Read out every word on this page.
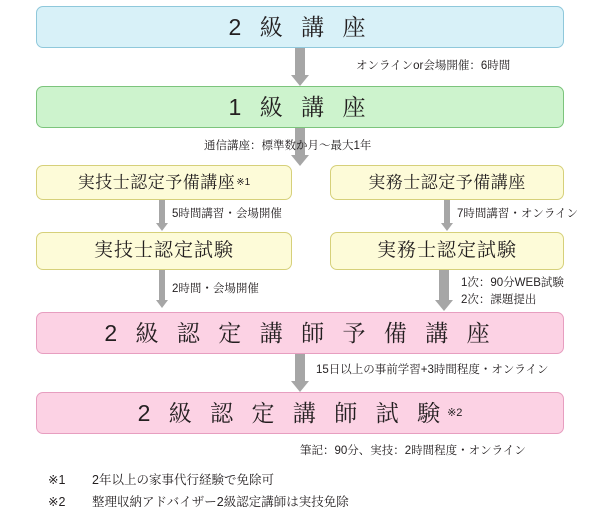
2 級 講 座
オンラインor会場開催：6時間
1 級 講 座
通信講座：標準数か月～最大1年
実技士認定予備講座 ※1	実務士認定予備講座
5時間講習・会場開催	7時間講習・オンライン
実技士認定試験	実務士認定試験
2時間・会場開催	1次：90分WEB試験
2次：課題提出
2 級 認 定 講 師 予 備 講 座
15日以上の事前学習+3時間程度・オンライン
2 級 認 定 講 師 試 験 ※2
筆記：90分、実技：2時間程度・オンライン
※1	2年以上の家事代行経験で免除可
※2	整理収納アドバイザー2級認定講師は実技免除
